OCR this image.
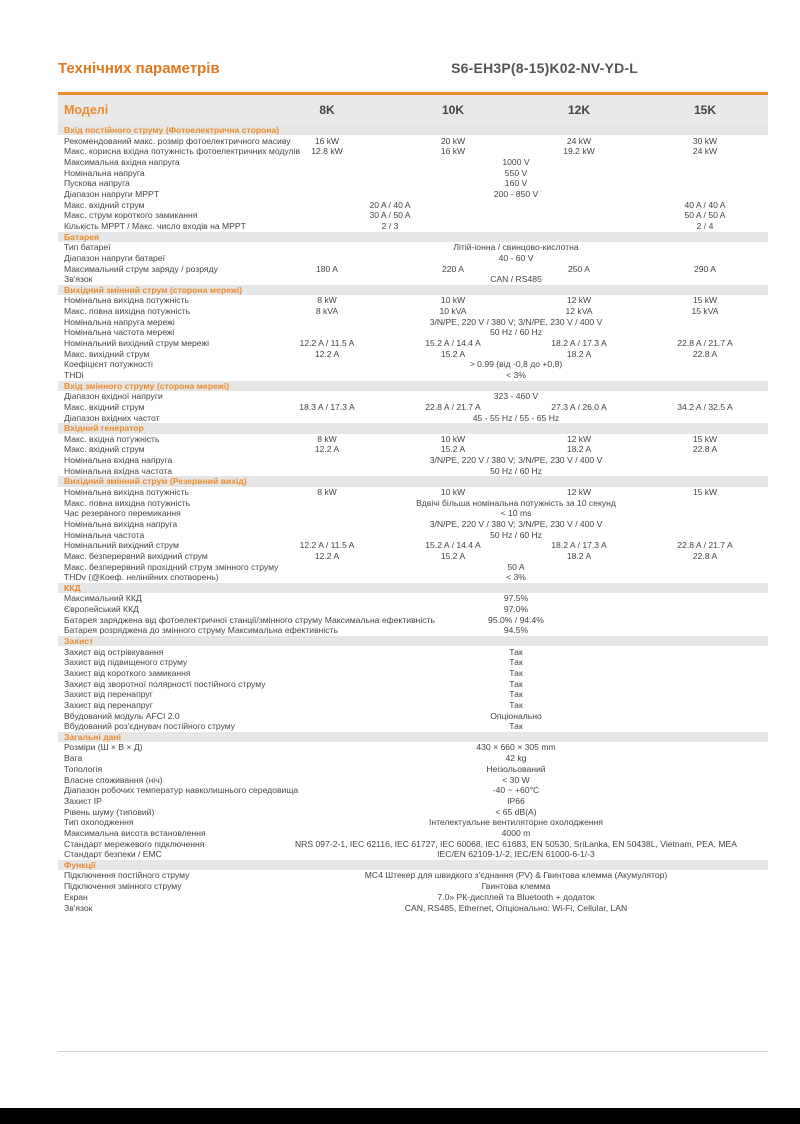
Технічних параметрів	S6-EH3P(8-15)K02-NV-YD-L
Моделі	8K	10K	12K	15K
Вхід постійного струму (Фотоелектрична сторона)				
Рекомендований макс. розмір фотоелектричного масиву	16 kW	20 kW	24 kW	30 kW
Макс. корисна вхідна потужність фотоелектричних модулів	12.8 kW	16 kW	19.2 kW	24 kW
Максимальна вхідна напруга	1000 V			
Номінальна напруга	550 V			
Пускова напруга	160 V			
Діапазон напруги MPPT	200 - 850 V			
Макс. вхідний струм	20 A / 40 A			40 A / 40 A
Макс. струм короткого замикання	30 A / 50 A			50 A / 50 A
Кількість MPPT / Макс. число входів на MPPT	2 / 3			2 / 4
Батарея				
Тип батареї	Літій-іонна / свинцово-кислотна			
Діапазон напруги батареї	40 - 60 V			
Максимальний струм заряду / розряду	180 A	220 A	250 A	290 A
Зв'язок	CAN / RS485			
Вихідний змінний струм (сторона мережі)				
Номінальна вихідна потужність	8 kW	10 kW	12 kW	15 kW
Макс. повна вихідна потужність	8 kVA	10 kVA	12 kVA	15 kVA
Номінальна напруга мережі	3/N/PE, 220 V / 380 V; 3/N/PE, 230 V / 400 V			
Номінальна частота мережі	50 Hz / 60 Hz			
Номінальний вихідний струм мережі	12.2 A / 11.5 A	15.2 A / 14.4 A	18.2 A / 17.3 A	22.8 A / 21.7 A
Макс. вихідний струм	12.2 A	15.2 A	18.2 A	22.8 A
Коефіцієнт потужності	> 0.99 (від -0,8 до +0,8)			
THDi	< 3%			
Вхід змінного струму (сторона мережі)				
Діапазон вхідної напруги	323 - 460 V			
Макс. вхідний струм	18.3 A / 17.3 A	22.8 A / 21.7 A	27.3 A / 26.0 A	34.2 A / 32.5 A
Діапазон вхідних частот	45 - 55 Hz / 55 - 65 Hz			
Вхідний генератор				
Макс. вхідна потужність	8 kW	10 kW	12 kW	15 kW
Макс. вхідний струм	12.2 A	15.2 A	18.2 A	22.8 A
Номінальна вхідна напруга	3/N/PE, 220 V / 380 V; 3/N/PE, 230 V / 400 V			
Номінальна вхідна частота	50 Hz / 60 Hz			
Вихідний змінний струм (Резервний вихід)				
Номінальна вихідна потужність	8 kW	10 kW	12 kW	15 kW
Макс. повна вихідна потужність	Вдвічі більша номінальна потужність за 10 секунд			
Час резервного перемикання	< 10 ms			
Номінальна вихідна напруга	3/N/PE, 220 V / 380 V; 3/N/PE, 230 V / 400 V			
Номінальна частота	50 Hz / 60 Hz			
Номінальний вихідний струм	12.2 A / 11.5 A	15.2 A / 14.4 A	18.2 A / 17.3 A	22.8 A / 21.7 A
Макс. безперервний вихідний струм	12.2 A	15.2 A	18.2 A	22.8 A
Макс. безперервний прохідний струм змінного струму	50 A			
THDv (@Коеф. нелінійних спотворень)	< 3%			
ККД				
Максимальний ККД	97.5%			
Європейський ККД	97.0%			
Батарея заряджена від фотоелектричної станції/змінного струму Максимальна ефективність	95.0% / 94.4%			
Батарея розряджена до змінного струму Максимальна ефективність	94.5%			
Захист				
Захист від острівкування	Так			
Захист від підвищеного струму	Так			
Захист від короткого замикання	Так			
Захист від зворотної полярності постійного струму	Так			
Захист від перенапруг	Так			
Захист від перенапруг	Так			
Вбудований модуль AFCI 2.0	Опціонально			
Вбудований роз'єднувач постійного струму	Так			
Загальні дані				
Розміри (Ш × В × Д)	430 × 660 × 305 mm			
Вага	42 kg			
Топологія	Неізольований			
Власне споживання (ніч)	< 30 W			
Діапазон робочих температур навколишнього середовища	-40 ~ +60°C			
Захист IP	IP66			
Рівень шуму (типовий)	< 65 dB(A)			
Тип охолодження	Інтелектуальне вентиляторне охолодження			
Максимальна висота встановлення	4000 m			
Стандарт мережевого підключення	NRS 097-2-1, IEC 62116, IEC 61727, IEC 60068, IEC 61683, EN 50530, SriLanka, EN 50438L, Vietnam, PEA, MEA			
Стандарт безпеки / EMC	IEC/EN 62109-1/-2, IEC/EN 61000-6-1/-3			
Функції				
Підключення постійного струму	MC4 Штекер для швидкого з'єднання (PV) & Гвинтова клемма (Акумулятор)			
Підключення змінного струму	Гвинтова клемма			
Екран	7.0» РК-дисплей та Bluetooth + додаток			
Зв'язок	CAN, RS485, Ethernet, Опціонально: Wi-Fi, Cellular, LAN			
